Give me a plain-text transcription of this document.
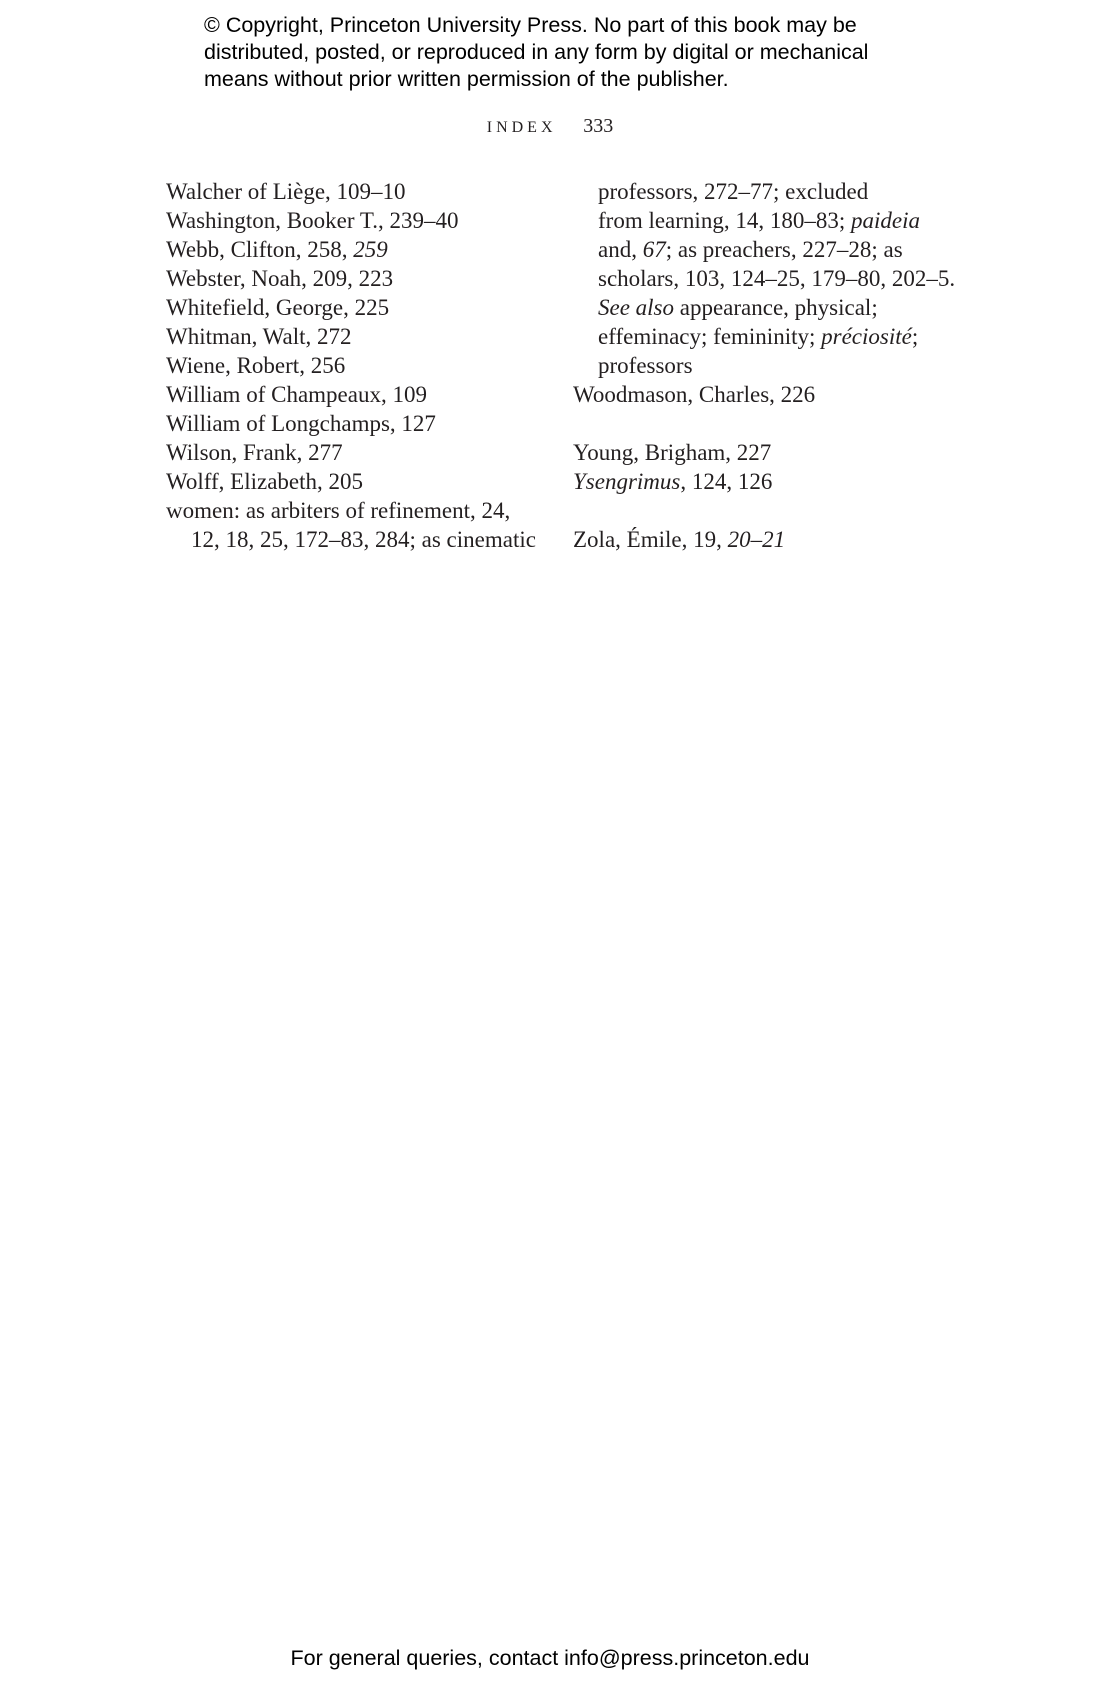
© Copyright, Princeton University Press. No part of this book may be
distributed, posted, or reproduced in any form by digital or mechanical
means without prior written permission of the publisher.
INDEX 333
Walcher of Liège, 109–10
Washington, Booker T., 239–40
Webb, Clifton, 258, 259
Webster, Noah, 209, 223
Whitefield, George, 225
Whitman, Walt, 272
Wiene, Robert, 256
William of Champeaux, 109
William of Longchamps, 127
Wilson, Frank, 277
Wolff, Elizabeth, 205
women: as arbiters of refinement, 24,
12, 18, 25, 172–83, 284; as cinematic
professors, 272–77; excluded
from learning, 14, 180–83; paideia
and, 67; as preachers, 227–28; as
scholars, 103, 124–25, 179–80, 202–5.
See also appearance, physical;
effeminacy; femininity; préciosité;
professors
Woodmason, Charles, 226
Young, Brigham, 227
Ysengrimus, 124, 126
Zola, Émile, 19, 20–21
For general queries, contact info@press.princeton.edu
